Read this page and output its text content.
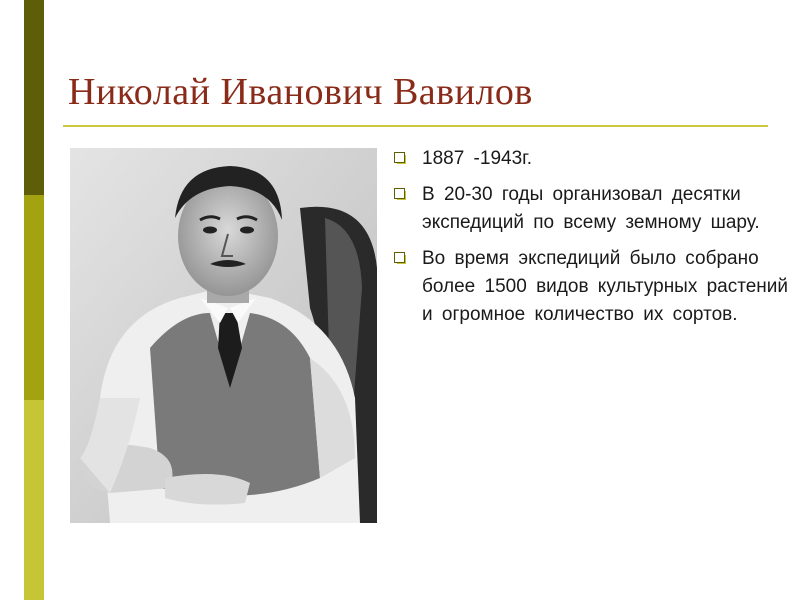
Николай Иванович Вавилов
1887 -1943г.
В 20-30 годы организовал десятки экспедиций по всему земному шару.
Во время экспедиций было собрано более 1500 видов культурных растений и огромное количество их сортов.
